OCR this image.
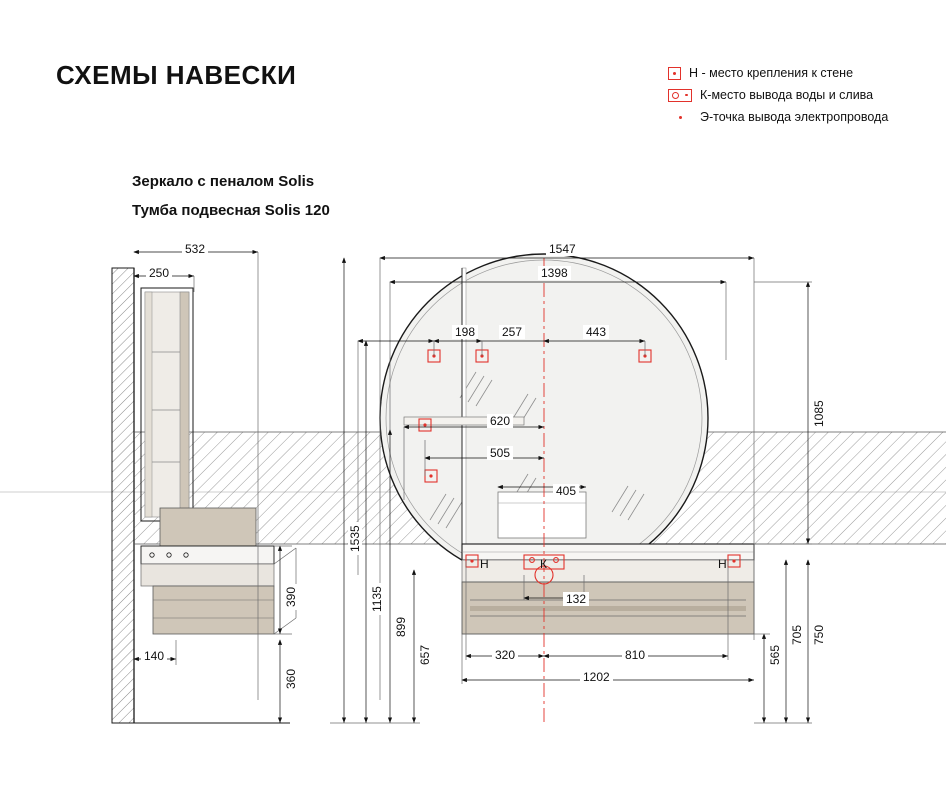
СХЕМЫ НАВЕСКИ
Зеркало с пеналом Solis
Тумба подвесная Solis 120
Н - место крепления к стене
К-место вывода воды и слива
Э-точка вывода электропровода
Н	К	Н
532
250
1547
1398
198 257	443
620
505
405
132
320	810
1202
140
1085
1535
1135
899
657
390
360
705 750
565
